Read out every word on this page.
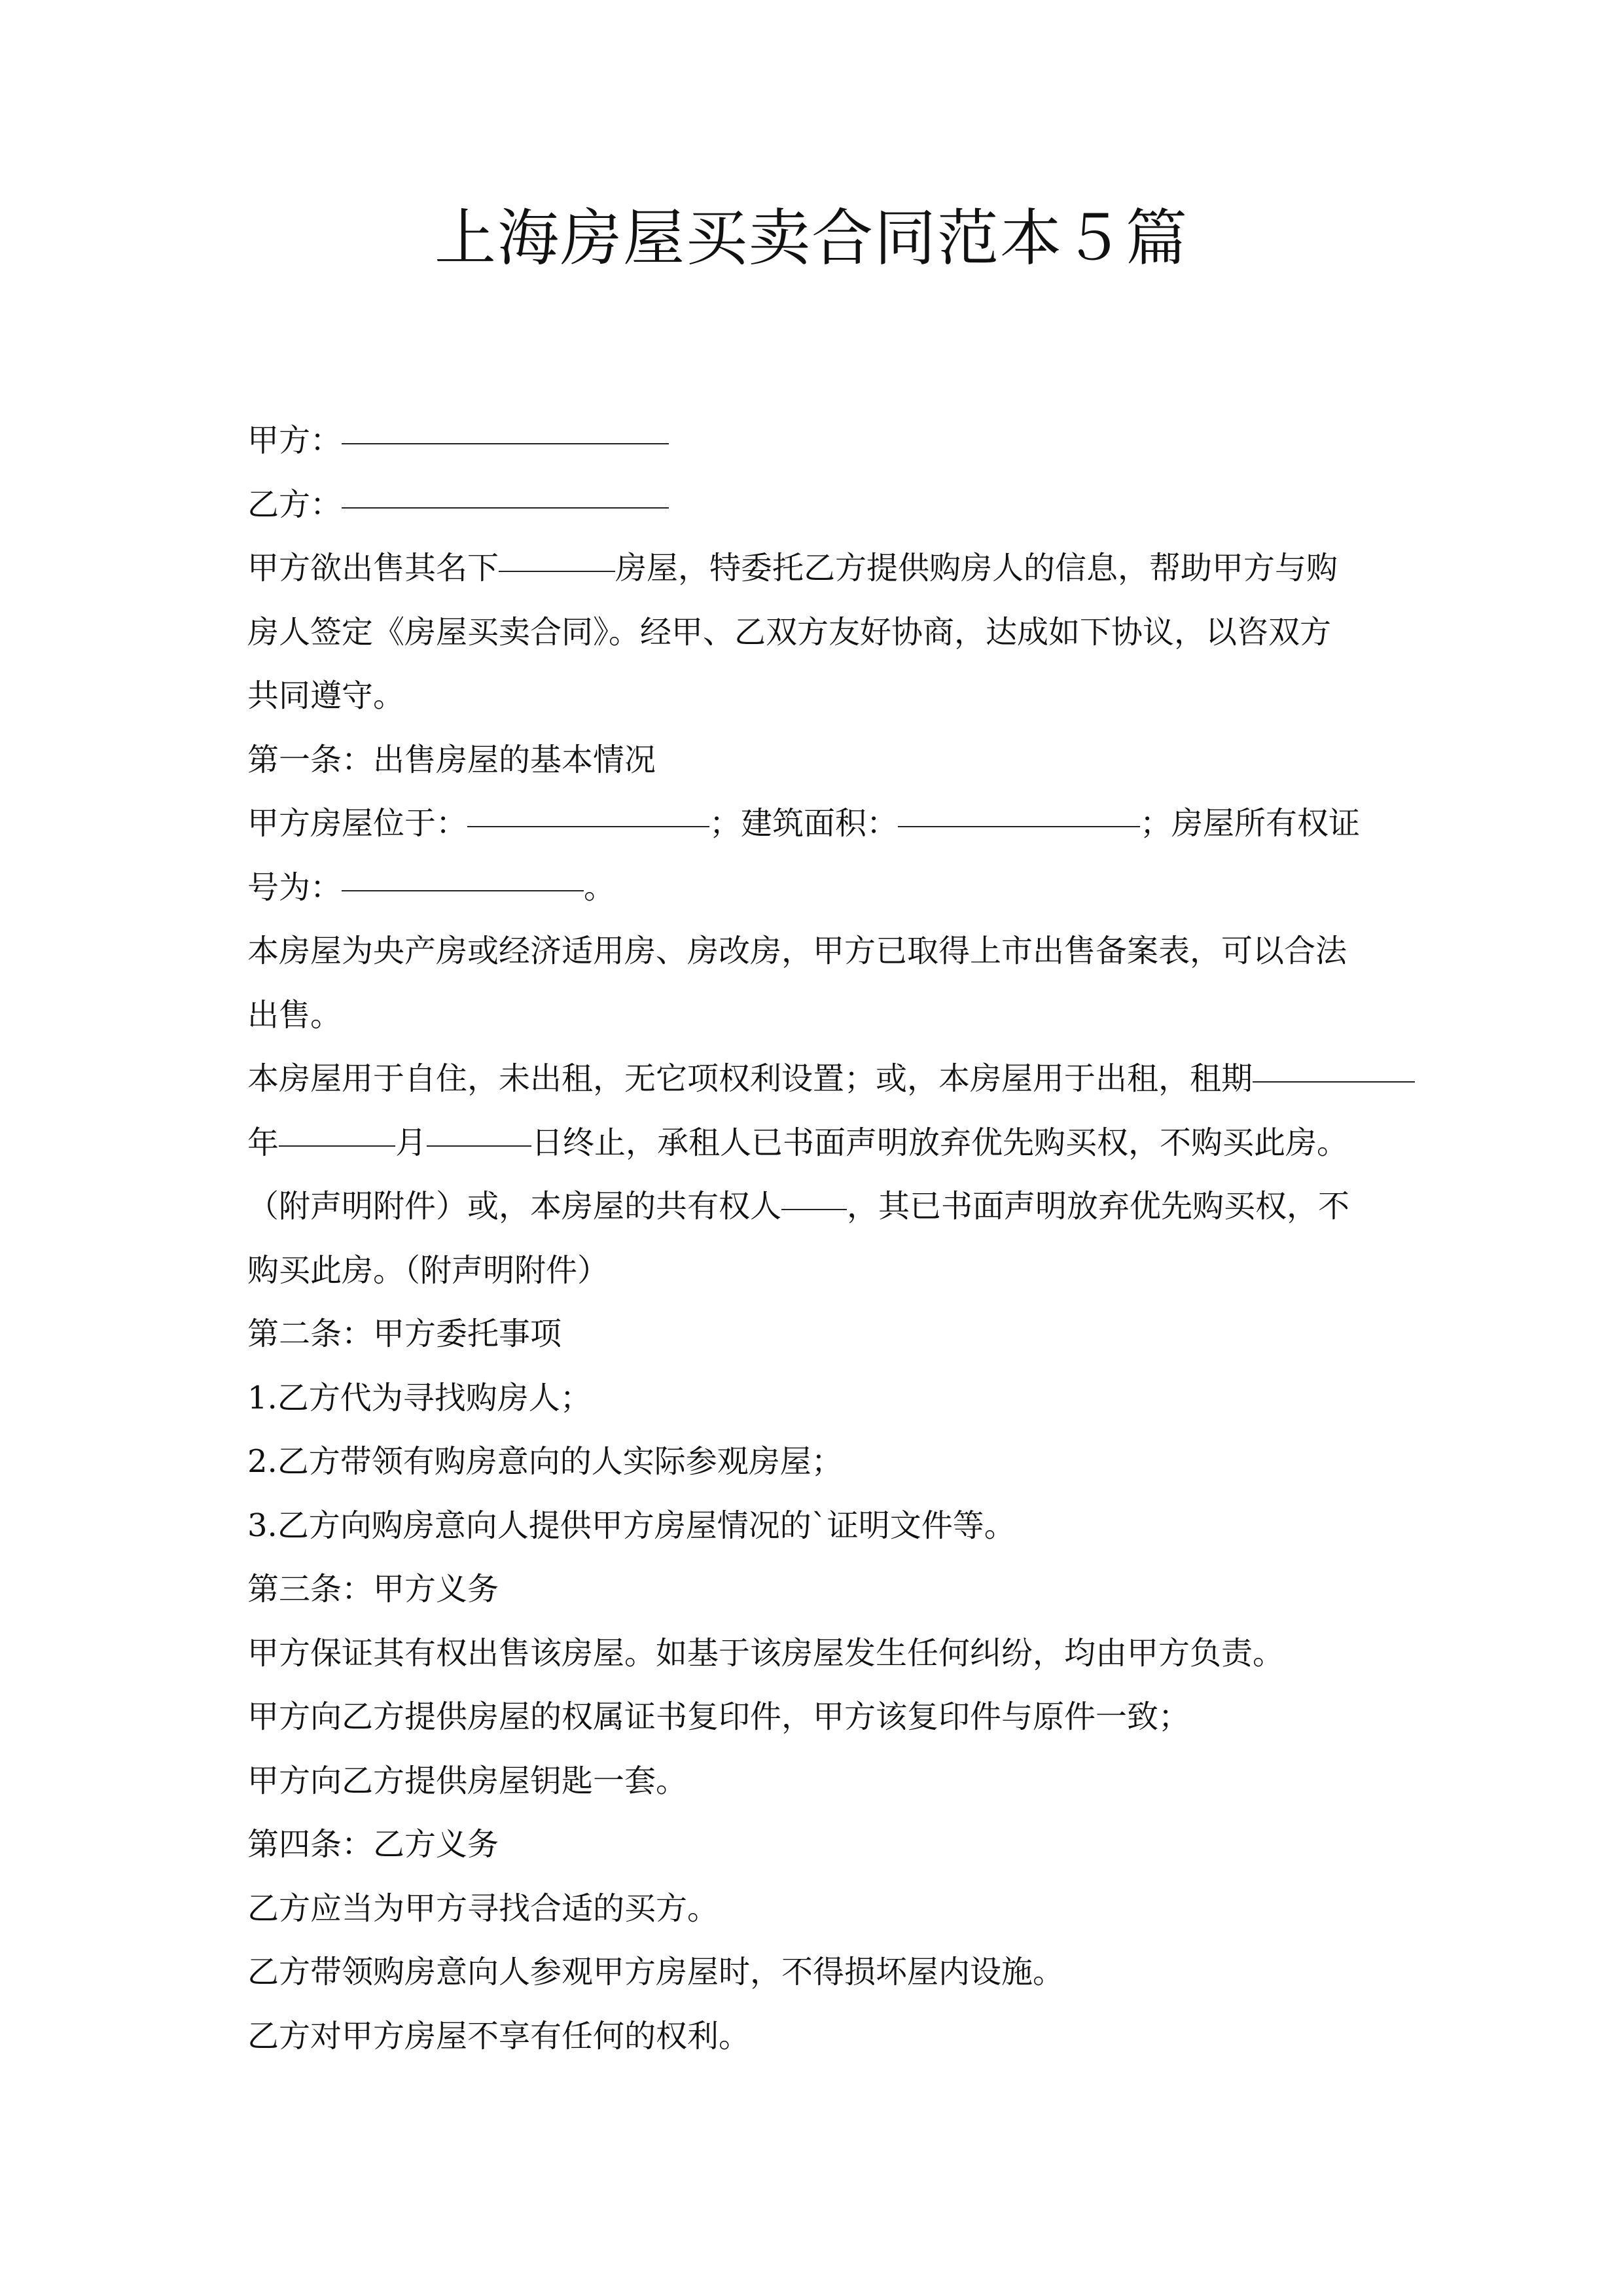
上海房屋买卖合同范本５篇
甲方：
乙方：
甲方欲出售其名下	房屋，特委托乙方提供购房人的信息，帮助甲方与购
房人签定《房屋买卖合同》。经甲、乙双方友好协商，达成如下协议，以咨双方
共同遵守。
第一条：出售房屋的基本情况
甲方房屋位于：	；建筑面积：	；房屋所有权证
号为：	。
本房屋为央产房或经济适用房、房改房，甲方已取得上市出售备案表，可以合法
出售。
本房屋用于自住，未出租，无它项权利设置；或，本房屋用于出租，租期
年	月	日终止，承租人已书面声明放弃优先购买权，不购买此房。
（附声明附件）或，本房屋的共有权人 ，其已书面声明放弃优先购买权，不
购买此房。（附声明附件）
第二条：甲方委托事项
1.乙方代为寻找购房人；
2.乙方带领有购房意向的人实际参观房屋；
3.乙方向购房意向人提供甲方房屋情况的`证明文件等。
第三条：甲方义务
甲方保证其有权出售该房屋。如基于该房屋发生任何纠纷，均由甲方负责。
甲方向乙方提供房屋的权属证书复印件，甲方该复印件与原件一致；
甲方向乙方提供房屋钥匙一套。
第四条：乙方义务
乙方应当为甲方寻找合适的买方。
乙方带领购房意向人参观甲方房屋时，不得损坏屋内设施。
乙方对甲方房屋不享有任何的权利。
